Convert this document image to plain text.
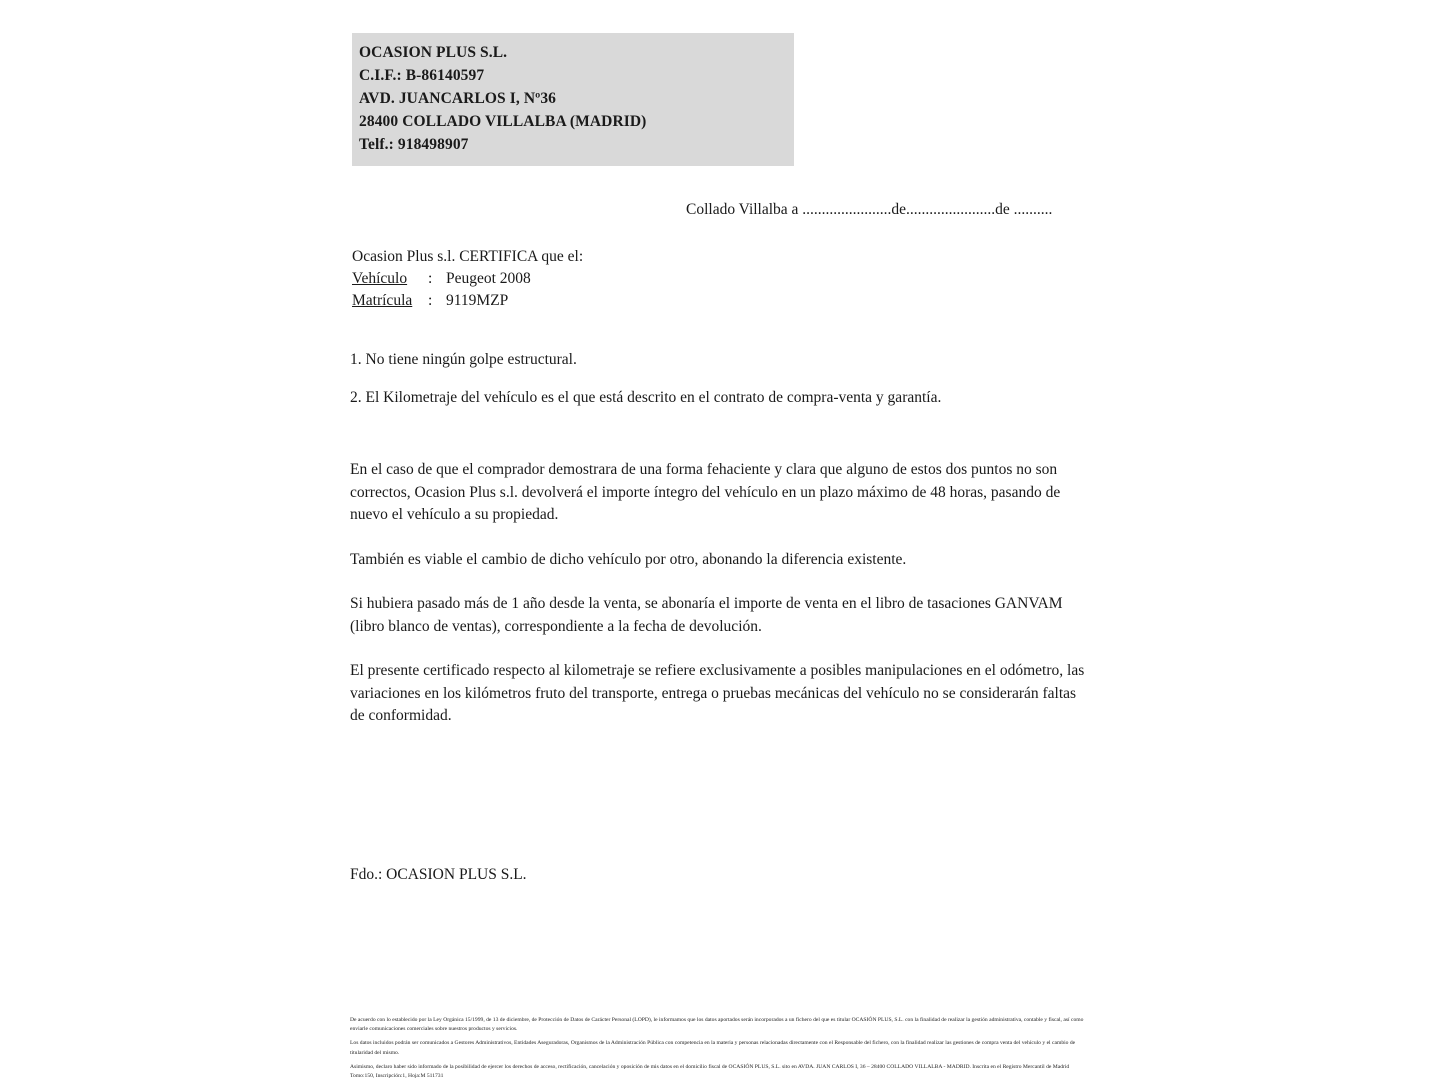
OCASION PLUS S.L.
C.I.F.: B-86140597
AVD. JUANCARLOS I, Nº36
28400 COLLADO VILLALBA (MADRID)
Telf.: 918498907
Collado Villalba a .......................de.......................de ..........
Ocasion Plus s.l. CERTIFICA que el:
Vehículo	: Peugeot 2008
Matrícula	: 9119MZP
1. No tiene ningún golpe estructural.
2. El Kilometraje del vehículo es el que está descrito en el contrato de compra-venta y garantía.

En el caso de que el comprador demostrara de una forma fehaciente y clara que alguno de estos dos puntos no son correctos, Ocasion Plus s.l. devolverá el importe íntegro del vehículo en un plazo máximo de 48 horas, pasando de nuevo el vehículo a su propiedad.

También es viable el cambio de dicho vehículo por otro, abonando la diferencia existente.

Si hubiera pasado más de 1 año desde la venta, se abonaría el importe de venta en el libro de tasaciones GANVAM (libro blanco de ventas), correspondiente a la fecha de devolución.

El presente certificado respecto al kilometraje se refiere exclusivamente a posibles manipulaciones en el odómetro, las variaciones en los kilómetros fruto del transporte, entrega o pruebas mecánicas del vehículo no se considerarán faltas de conformidad.

Fdo.: OCASION PLUS S.L.

De acuerdo con lo establecido por la Ley Orgánica 15/1999, de 13 de diciembre, de Protección de Datos de Carácter Personal (LOPD), le informamos que los datos aportados serán incorporados a un fichero del que es titular OCASIÓN PLUS, S.L. con la finalidad de realizar la gestión administrativa, contable y fiscal, así como enviarle comunicaciones comerciales sobre nuestros productos y servicios.

Los datos incluidos podrán ser comunicados a Gestores Administrativos, Entidades Aseguradoras, Organismos de la Administración Pública con competencia en la materia y personas relacionadas directamente con el Responsable del fichero, con la finalidad realizar las gestiones de compra venta del vehículo y el cambio de titularidad del mismo.

Asimismo, declaro haber sido informado de la posibilidad de ejercer los derechos de acceso, rectificación, cancelación y oposición de mis datos en el domicilio fiscal de OCASIÓN PLUS, S.L. sito en AVDA. JUAN CARLOS I, 36 – 28400 COLLADO VILLALBA - MADRID. Inscrita en el Registro Mercantil de Madrid Tomo:150, Inscripción:1, Hoja:M 511731
